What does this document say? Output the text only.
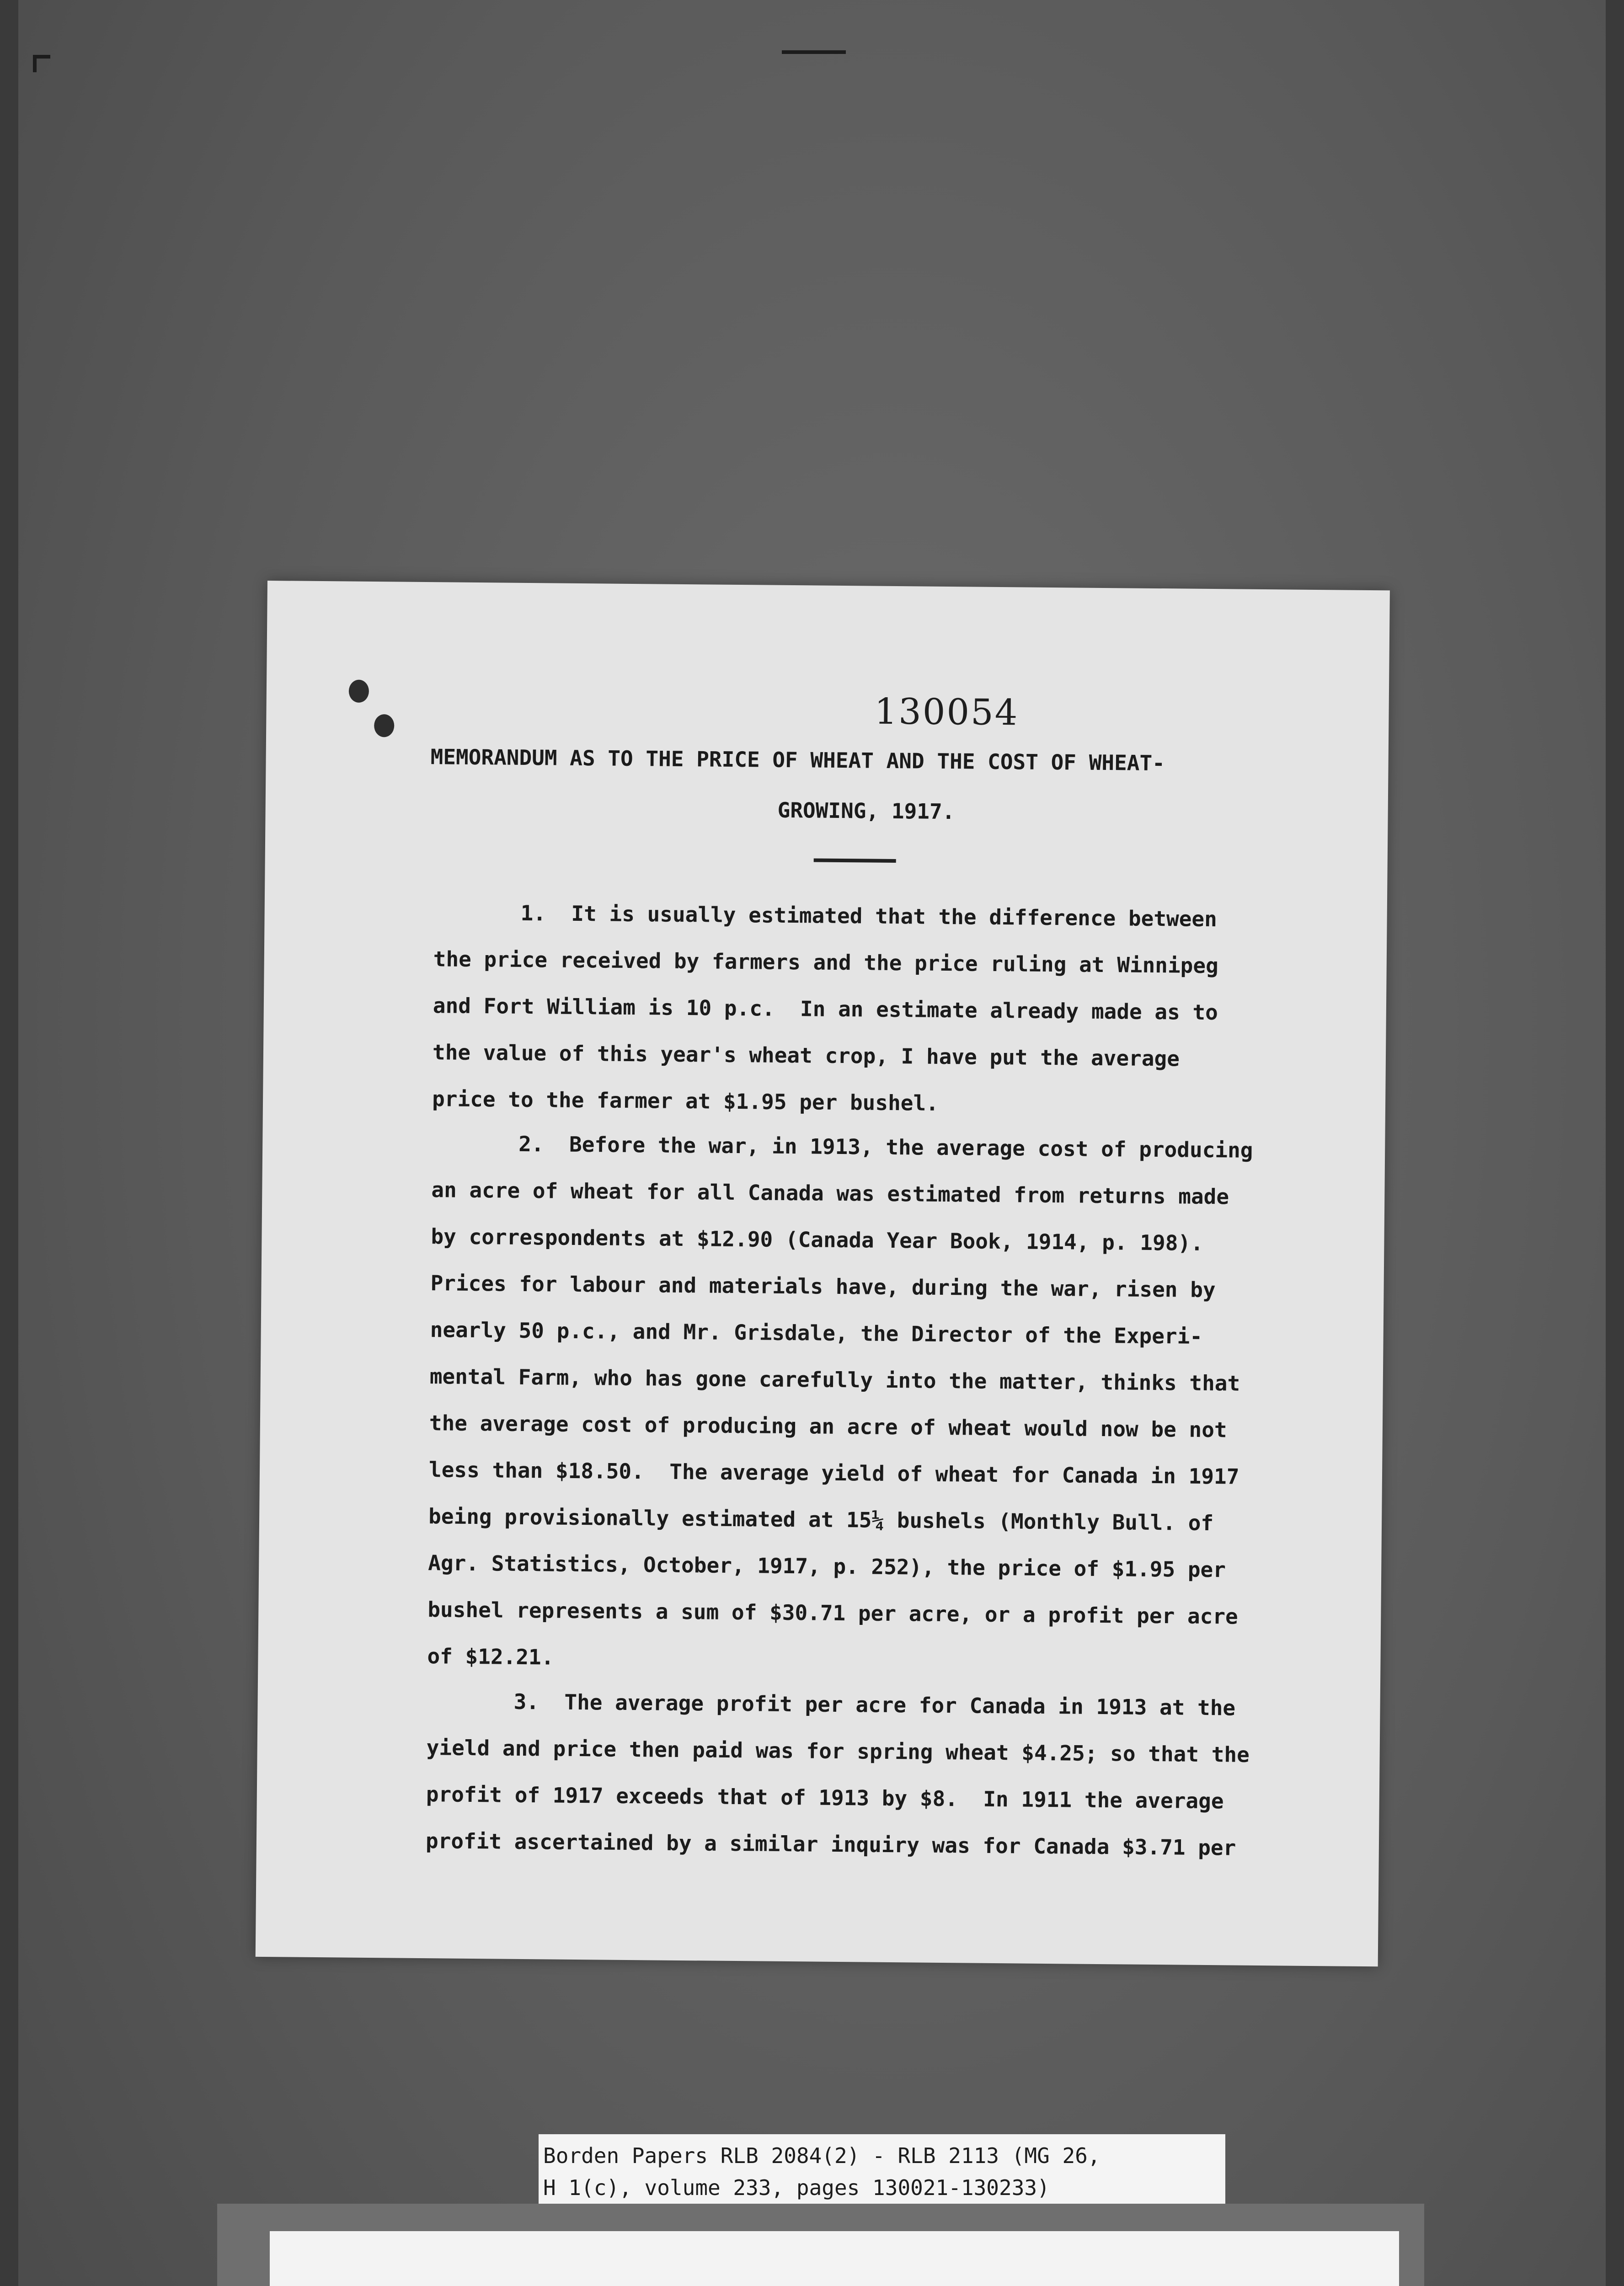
130054
MEMORANDUM AS TO THE PRICE OF WHEAT AND THE COST OF WHEAT-
GROWING, 1917.
1.  It is usually estimated that the difference between
the price received by farmers and the price ruling at Winnipeg
and Fort William is 10 p.c.  In an estimate already made as to
the value of this year's wheat crop, I have put the average
price to the farmer at $1.95 per bushel.
2.  Before the war, in 1913, the average cost of producing
an acre of wheat for all Canada was estimated from returns made
by correspondents at $12.90 (Canada Year Book, 1914, p. 198).
Prices for labour and materials have, during the war, risen by
nearly 50 p.c., and Mr. Grisdale, the Director of the Experi-
mental Farm, who has gone carefully into the matter, thinks that
the average cost of producing an acre of wheat would now be not
less than $18.50.  The average yield of wheat for Canada in 1917
being provisionally estimated at 15¼ bushels (Monthly Bull. of
Agr. Statistics, October, 1917, p. 252), the price of $1.95 per
bushel represents a sum of $30.71 per acre, or a profit per acre
of $12.21.
3.  The average profit per acre for Canada in 1913 at the
yield and price then paid was for spring wheat $4.25; so that the
profit of 1917 exceeds that of 1913 by $8.  In 1911 the average
profit ascertained by a similar inquiry was for Canada $3.71 per
Borden Papers RLB 2084(2) - RLB 2113 (MG 26,
H 1(c), volume 233, pages 130021-130233)
